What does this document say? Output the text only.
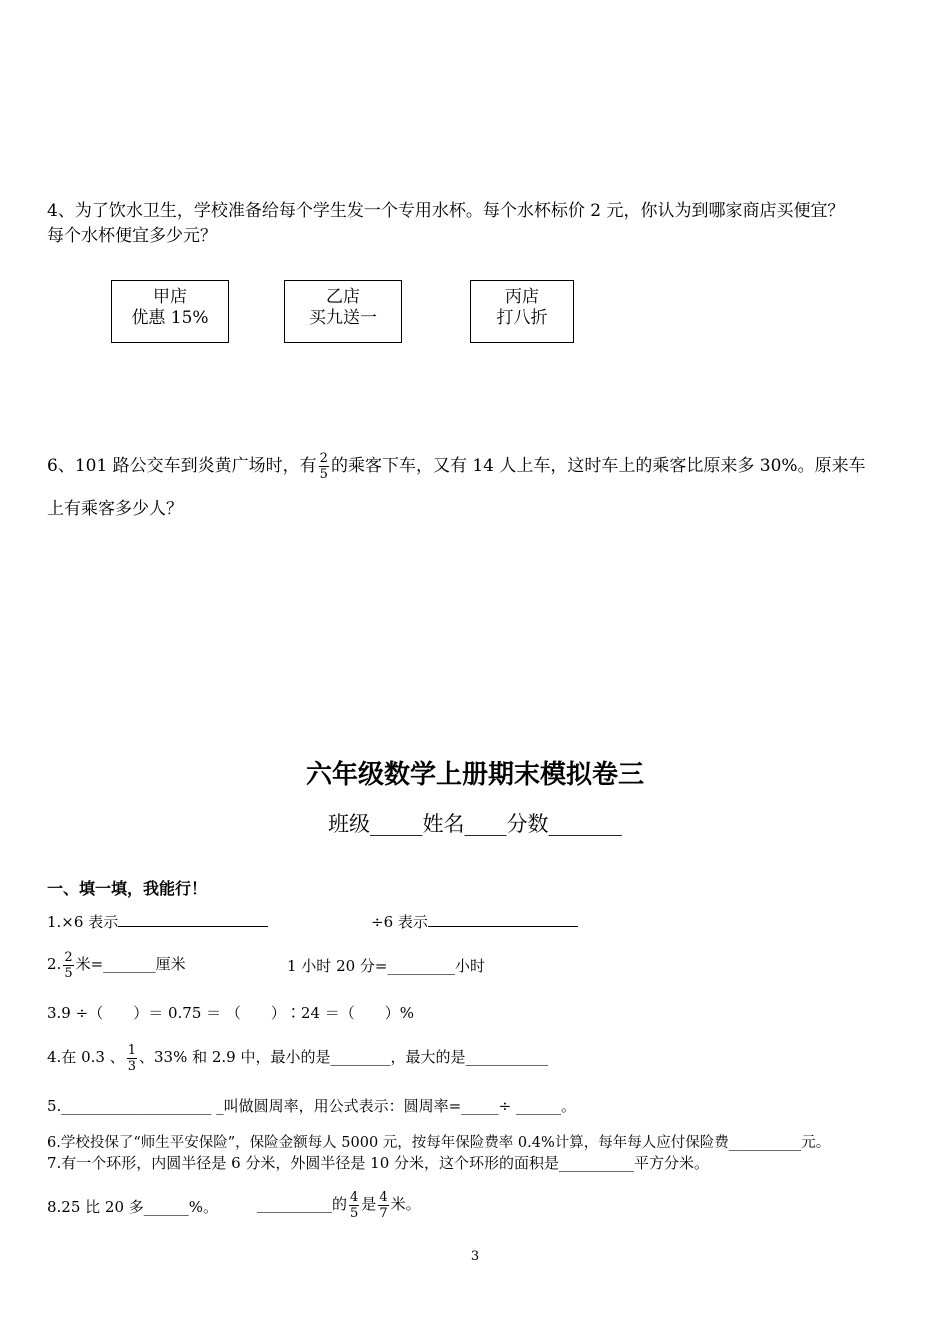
4、为了饮水卫生，学校准备给每个学生发一个专用水杯。每个水杯标价 2 元，你认为到哪家商店买便宜？
每个水杯便宜多少元？
甲店
优惠 15%
乙店
买九送一
丙店
打八折
6、101 路公交车到炎黄广场时，有 $\frac{2}{5}$ 的乘客下车，又有 14 人上车，这时车上的乘客比原来多 30%。原来车
上有乘客多少人？
六年级数学上册期末模拟卷三
班级_____姓名____分数_______
一、填一填，我能行！
1.×6 表示	÷6 表示
2. $\frac{2}{5}$ 米=_______厘米	1 小时 20 分=_________小时
3.9 ÷（　　）＝ 0.75 ＝ （　　）∶24 ＝（　　）%
4.在 0.3 、 $\frac{1}{3}$ 、33% 和 2.9 中，最小的是________，最大的是___________
5.____________________ _叫做圆周率，用公式表示：圆周率=_____÷ ______。
6.学校投保了“师生平安保险”，保险金额每人 5000 元，按每年保险费率 0.4%计算，每年每人应付保险费__________元。
7.有一个环形，内圆半径是 6 分米，外圆半径是 10 分米，这个环形的面积是__________平方分米。
8.25 比 20 多______%。	__________的 $\frac{4}{5}$ 是 $\frac{4}{7}$ 米。
3
